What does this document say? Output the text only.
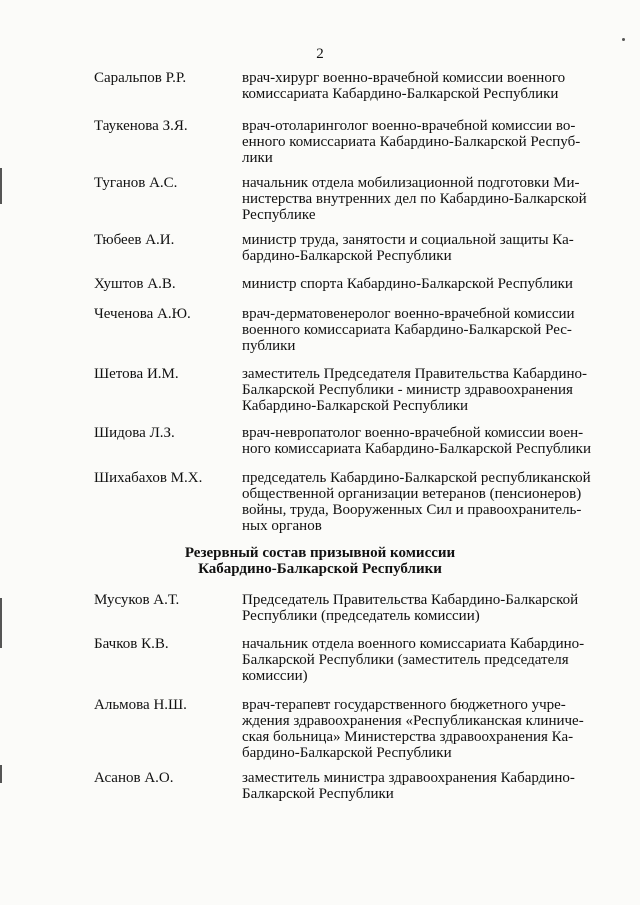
2
Саральпов Р.Р.	врач-хирург военно-врачебной комиссии военного
комиссариата Кабардино-Балкарской Республики
Таукенова З.Я.	врач-отоларинголог военно-врачебной комиссии во-
енного комиссариата Кабардино-Балкарской Респуб-
лики
Туганов А.С.	начальник отдела мобилизационной подготовки Ми-
нистерства внутренних дел по Кабардино-Балкарской
Республике
Тюбеев А.И.	министр труда, занятости и социальной защиты Ка-
бардино-Балкарской Республики
Хуштов А.В.	министр спорта Кабардино-Балкарской Республики
Чеченова А.Ю.	врач-дерматовенеролог военно-врачебной комиссии
военного комиссариата Кабардино-Балкарской Рес-
публики
Шетова И.М.	заместитель Председателя Правительства Кабардино-
Балкарской Республики - министр здравоохранения
Кабардино-Балкарской Республики
Шидова Л.З.	врач-невропатолог военно-врачебной комиссии воен-
ного комиссариата Кабардино-Балкарской Республики
Шихабахов М.Х.	председатель Кабардино-Балкарской республиканской
общественной организации ветеранов (пенсионеров)
войны, труда, Вооруженных Сил и правоохранитель-
ных органов
Резервный состав призывной комиссии
Кабардино-Балкарской Республики
Мусуков А.Т.	Председатель Правительства Кабардино-Балкарской
Республики (председатель комиссии)
Бачков К.В.	начальник отдела военного комиссариата Кабардино-
Балкарской Республики (заместитель председателя
комиссии)
Альмова Н.Ш.	врач-терапевт государственного бюджетного учре-
ждения здравоохранения «Республиканская клиниче-
ская больница» Министерства здравоохранения Ка-
бардино-Балкарской Республики
Асанов А.О.	заместитель министра здравоохранения Кабардино-
Балкарской Республики
